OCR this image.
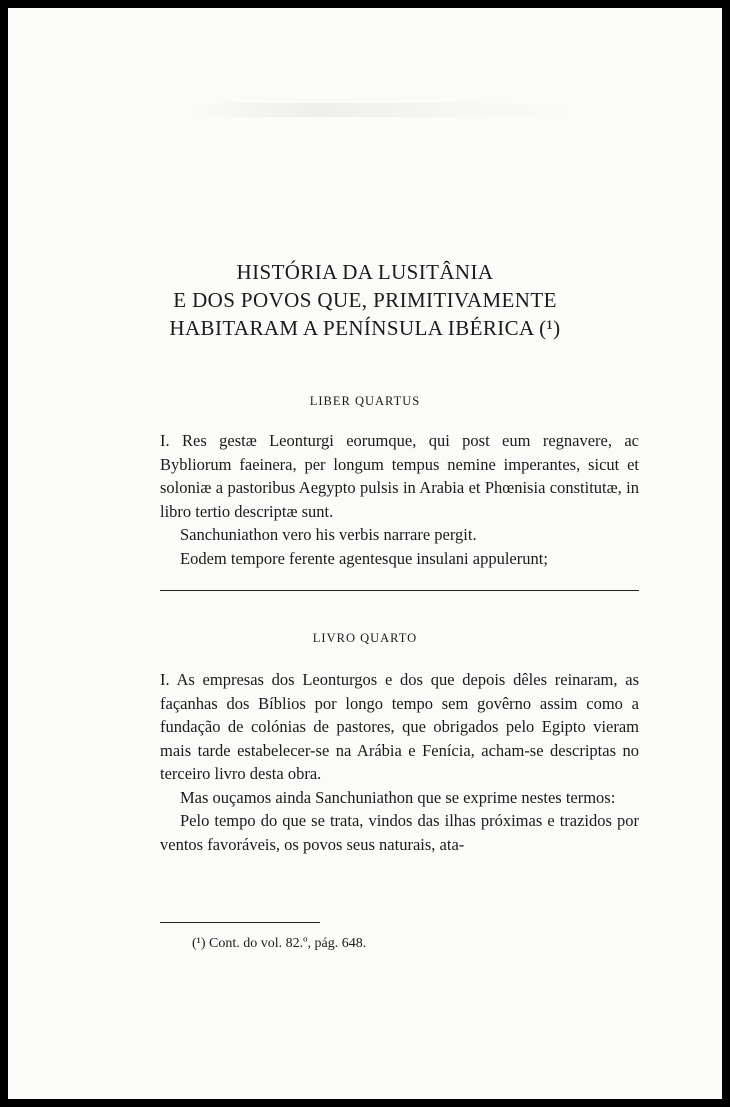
HISTÓRIA DA LUSITÂNIA
E DOS POVOS QUE, PRIMITIVAMENTE
HABITARAM A PENÍNSULA IBÉRICA (¹)
LIBER QUARTUS

I. Res gestæ Leonturgi eorumque, qui post eum regnavere, ac Bybliorum faeinera, per longum tempus nemine imperantes, sicut et soloniæ a pastoribus Aegypto pulsis in Arabia et Phœnisia constitutæ, in libro tertio descriptæ sunt.

Sanchuniathon vero his verbis narrare pergit.

Eodem tempore ferente agentesque insulani appulerunt;

LIVRO QUARTO

I. As empresas dos Leonturgos e dos que depois dêles reinaram, as façanhas dos Bíblios por longo tempo sem govêrno assim como a fundação de colónias de pastores, que obrigados pelo Egipto vieram mais tarde estabelecer-se na Arábia e Fenícia, acham-se descriptas no terceiro livro desta obra.

Mas ouçamos ainda Sanchuniathon que se exprime nestes termos:

Pelo tempo do que se trata, vindos das ilhas próximas e trazidos por ventos favoráveis, os povos seus naturais, ata-

(¹) Cont. do vol. 82.º, pág. 648.
